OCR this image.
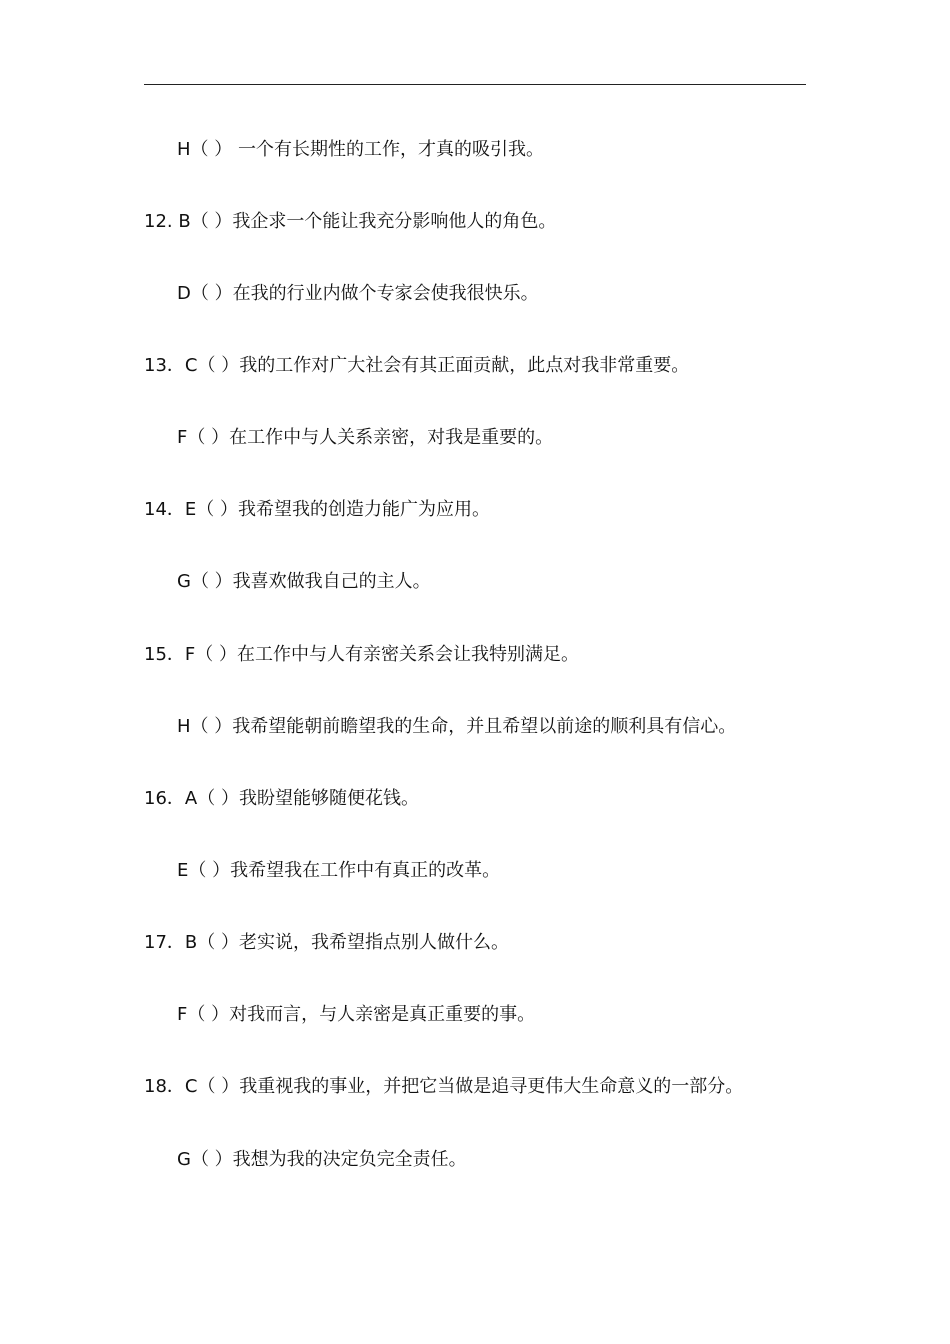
H（ ） 一个有长期性的工作，才真的吸引我。
12. B（ ）我企求一个能让我充分影响他人的角色。
D（ ）在我的行业内做个专家会使我很快乐。
13．C（ ）我的工作对广大社会有其正面贡献，此点对我非常重要。
F（ ）在工作中与人关系亲密，对我是重要的。
14．E（ ）我希望我的创造力能广为应用。
G（ ）我喜欢做我自己的主人。
15．F（ ）在工作中与人有亲密关系会让我特别满足。
H（ ）我希望能朝前瞻望我的生命，并且希望以前途的顺利具有信心。
16．A（ ）我盼望能够随便花钱。
E（ ）我希望我在工作中有真正的改革。
17．B（ ）老实说，我希望指点别人做什么。
F（ ）对我而言，与人亲密是真正重要的事。
18．C（ ）我重视我的事业，并把它当做是追寻更伟大生命意义的一部分。
G（ ）我想为我的决定负完全责任。
